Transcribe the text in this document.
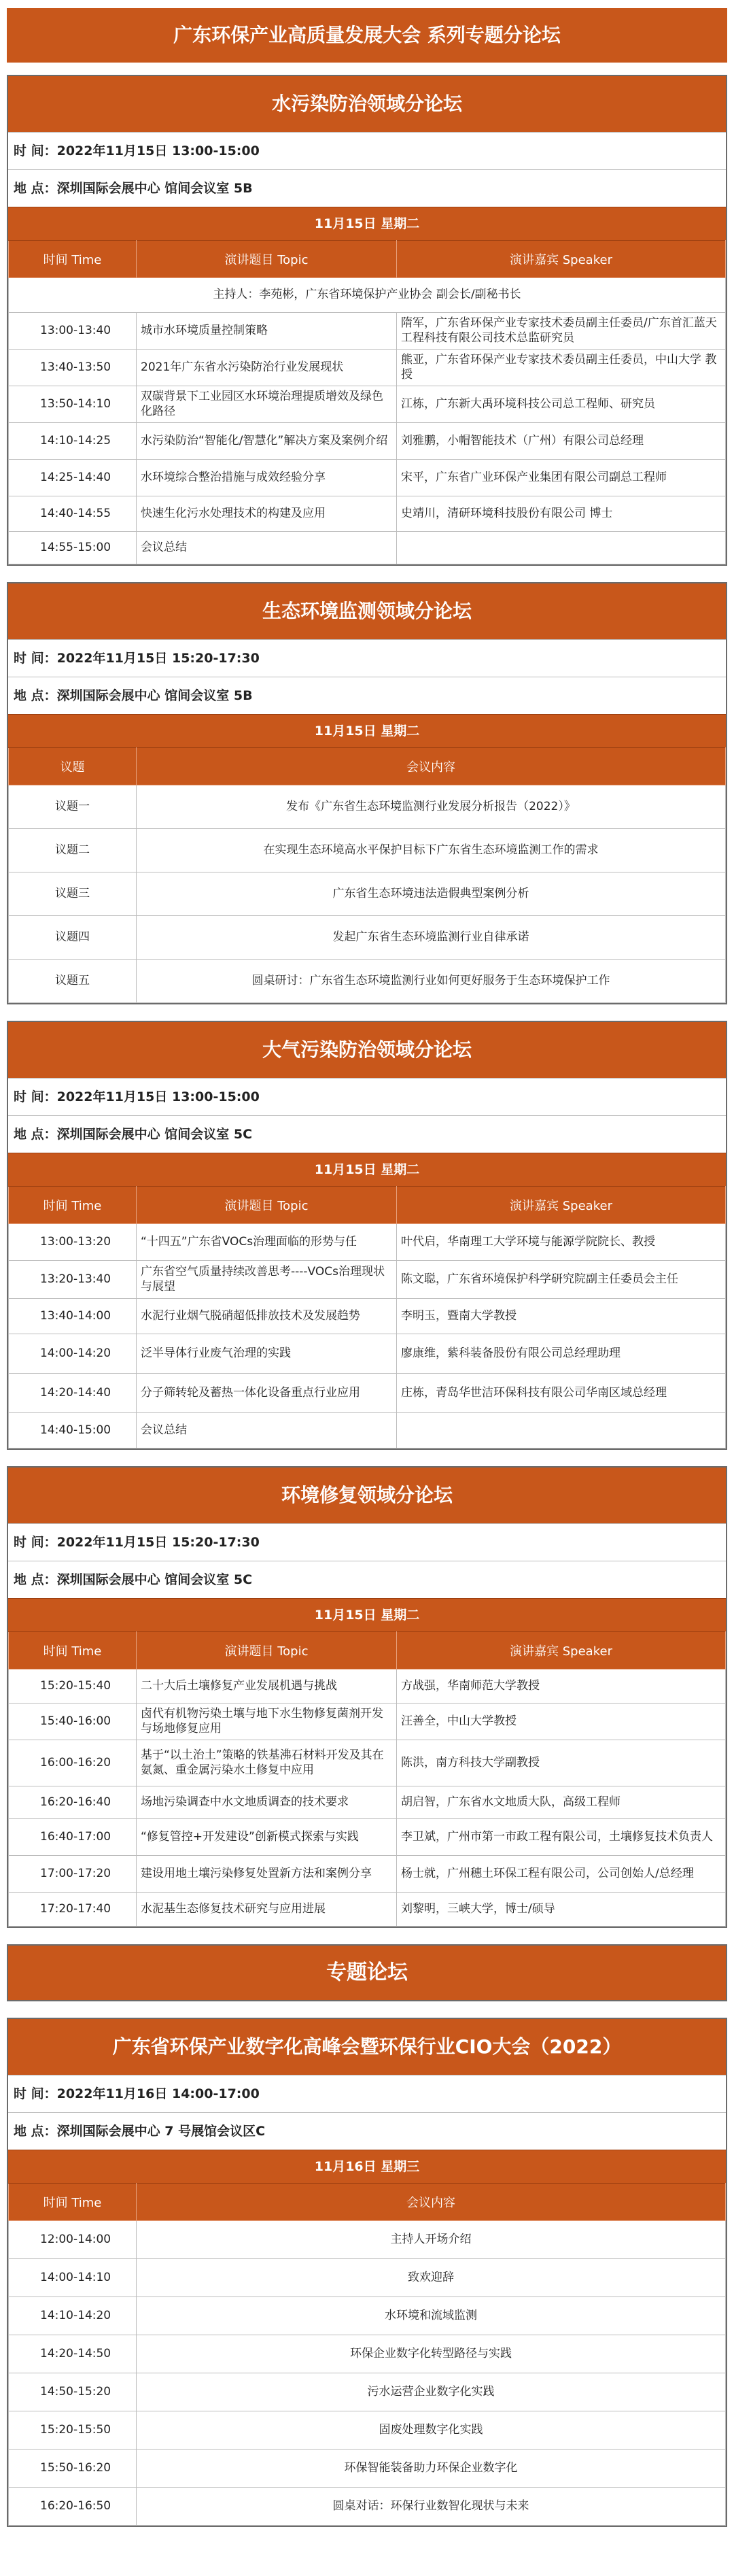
广东环保产业高质量发展大会 系列专题分论坛
水污染防治领域分论坛
时 间：2022年11月15日 13:00-15:00
地 点：深圳国际会展中心 馆间会议室 5B
11月15日 星期二
时间 Time	演讲题目 Topic	演讲嘉宾 Speaker
主持人：李苑彬，广东省环境保护产业协会 副会长/副秘书长		
13:00-13:40	城市水环境质量控制策略	隋军，广东省环保产业专家技术委员副主任委员/广东首汇蓝天工程科技有限公司技术总监研究员
13:40-13:50	2021年广东省水污染防治行业发展现状	熊亚，广东省环保产业专家技术委员副主任委员，中山大学 教授
13:50-14:10	双碳背景下工业园区水环境治理提质增效及绿色化路径	江栋，广东新大禹环境科技公司总工程师、研究员
14:10-14:25	水污染防治“智能化/智慧化”解决方案及案例介绍	刘雅鹏，小帽智能技术（广州）有限公司总经理
14:25-14:40	水环境综合整治措施与成效经验分享	宋平，广东省广业环保产业集团有限公司副总工程师
14:40-14:55	快速生化污水处理技术的构建及应用	史靖川，清研环境科技股份有限公司 博士
14:55-15:00	会议总结	
生态环境监测领域分论坛
时 间：2022年11月15日 15:20-17:30
地 点：深圳国际会展中心 馆间会议室 5B
11月15日 星期二
议题	会议内容
议题一	发布《广东省生态环境监测行业发展分析报告（2022）》
议题二	在实现生态环境高水平保护目标下广东省生态环境监测工作的需求
议题三	广东省生态环境违法造假典型案例分析
议题四	发起广东省生态环境监测行业自律承诺
议题五	圆桌研讨：广东省生态环境监测行业如何更好服务于生态环境保护工作
大气污染防治领域分论坛
时 间：2022年11月15日 13:00-15:00
地 点：深圳国际会展中心 馆间会议室 5C
11月15日 星期二
时间 Time	演讲题目 Topic	演讲嘉宾 Speaker
13:00-13:20	“十四五”广东省VOCs治理面临的形势与任	叶代启，华南理工大学环境与能源学院院长、教授
13:20-13:40	广东省空气质量持续改善思考----VOCs治理现状与展望	陈文聪，广东省环境保护科学研究院副主任委员会主任
13:40-14:00	水泥行业烟气脱硝超低排放技术及发展趋势	李明玉，暨南大学教授
14:00-14:20	泛半导体行业废气治理的实践	廖康维，紫科装备股份有限公司总经理助理
14:20-14:40	分子筛转轮及蓄热一体化设备重点行业应用	庄栋，青岛华世洁环保科技有限公司华南区域总经理
14:40-15:00	会议总结	
环境修复领域分论坛
时 间：2022年11月15日 15:20-17:30
地 点：深圳国际会展中心 馆间会议室 5C
11月15日 星期二
时间 Time	演讲题目 Topic	演讲嘉宾 Speaker
15:20-15:40	二十大后土壤修复产业发展机遇与挑战	方战强，华南师范大学教授
15:40-16:00	卤代有机物污染土壤与地下水生物修复菌剂开发与场地修复应用	汪善全，中山大学教授
16:00-16:20	基于“以土治土”策略的铁基沸石材料开发及其在氨氮、重金属污染水土修复中应用	陈洪，南方科技大学副教授
16:20-16:40	场地污染调查中水文地质调查的技术要求	胡启智，广东省水文地质大队，高级工程师
16:40-17:00	“修复管控+开发建设”创新模式探索与实践	李卫斌，广州市第一市政工程有限公司，土壤修复技术负责人
17:00-17:20	建设用地土壤污染修复处置新方法和案例分享	杨士就，广州穗土环保工程有限公司，公司创始人/总经理
17:20-17:40	水泥基生态修复技术研究与应用进展	刘黎明，三峡大学，博士/硕导
专题论坛
广东省环保产业数字化高峰会暨环保行业CIO大会（2022）
时 间：2022年11月16日 14:00-17:00
地 点：深圳国际会展中心 7 号展馆会议区C
11月16日 星期三
时间 Time	会议内容
12:00-14:00	主持人开场介绍
14:00-14:10	致欢迎辞
14:10-14:20	水环境和流域监测
14:20-14:50	环保企业数字化转型路径与实践
14:50-15:20	污水运营企业数字化实践
15:20-15:50	固废处理数字化实践
15:50-16:20	环保智能装备助力环保企业数字化
16:20-16:50	圆桌对话：环保行业数智化现状与未来
